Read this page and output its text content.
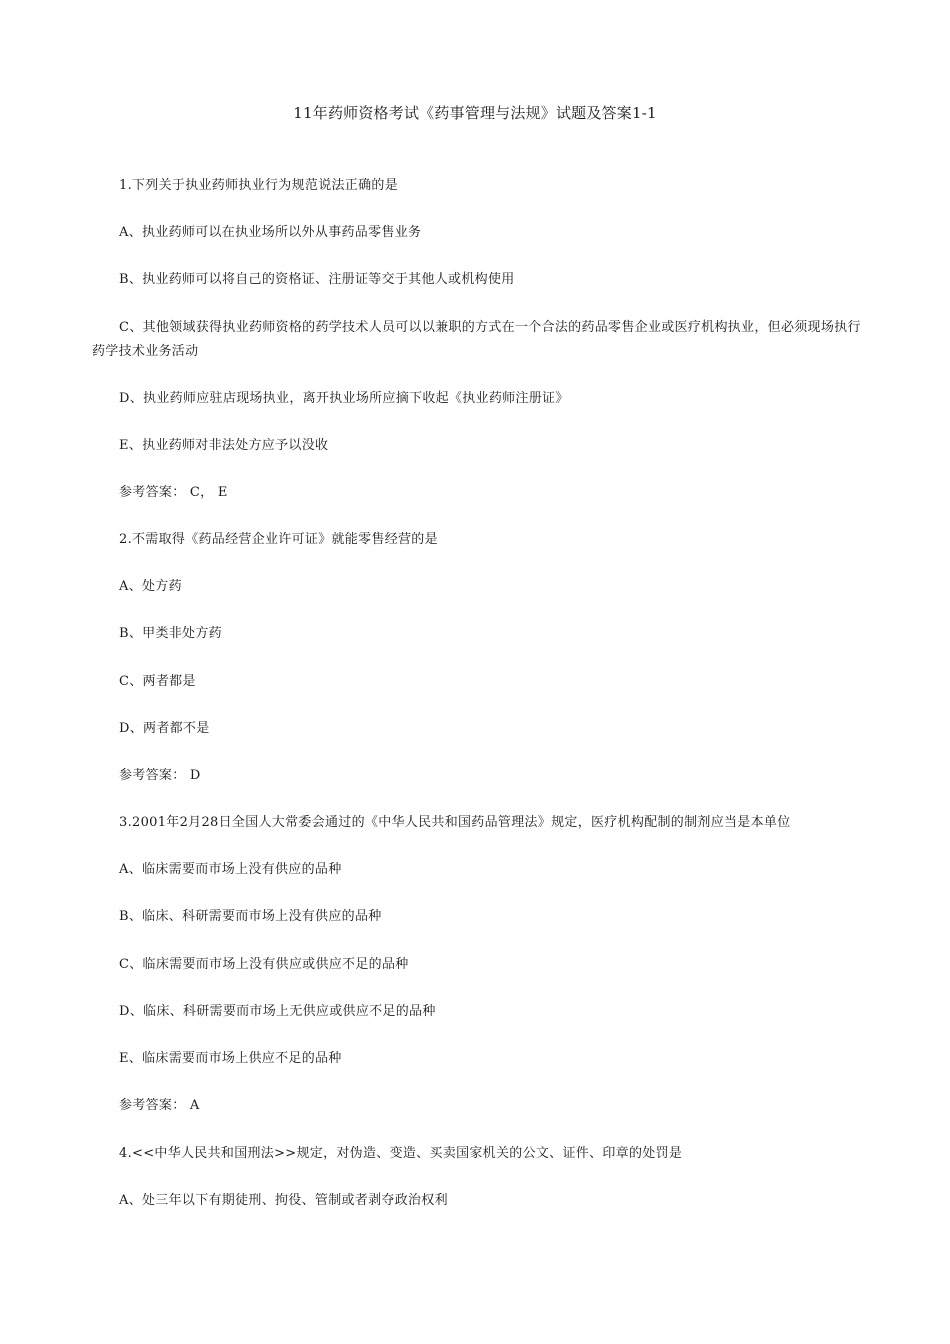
11年药师资格考试《药事管理与法规》试题及答案1-1
1.下列关于执业药师执业行为规范说法正确的是
A、执业药师可以在执业场所以外从事药品零售业务
B、执业药师可以将自己的资格证、注册证等交于其他人或机构使用
C、其他领域获得执业药师资格的药学技术人员可以以兼职的方式在一个合法的药品零售企业或医疗机构执业，但必须现场执行药学技术业务活动
D、执业药师应驻店现场执业，离开执业场所应摘下收起《执业药师注册证》
E、执业药师对非法处方应予以没收
参考答案： C， E
2.不需取得《药品经营企业许可证》就能零售经营的是
A、处方药
B、甲类非处方药
C、两者都是
D、两者都不是
参考答案： D
3.2001年2月28日全国人大常委会通过的《中华人民共和国药品管理法》规定，医疗机构配制的制剂应当是本单位
A、临床需要而市场上没有供应的品种
B、临床、科研需要而市场上没有供应的品种
C、临床需要而市场上没有供应或供应不足的品种
D、临床、科研需要而市场上无供应或供应不足的品种
E、临床需要而市场上供应不足的品种
参考答案： A
4.<<中华人民共和国刑法>>规定，对伪造、变造、买卖国家机关的公文、证件、印章的处罚是
A、处三年以下有期徒刑、拘役、管制或者剥夺政治权利
